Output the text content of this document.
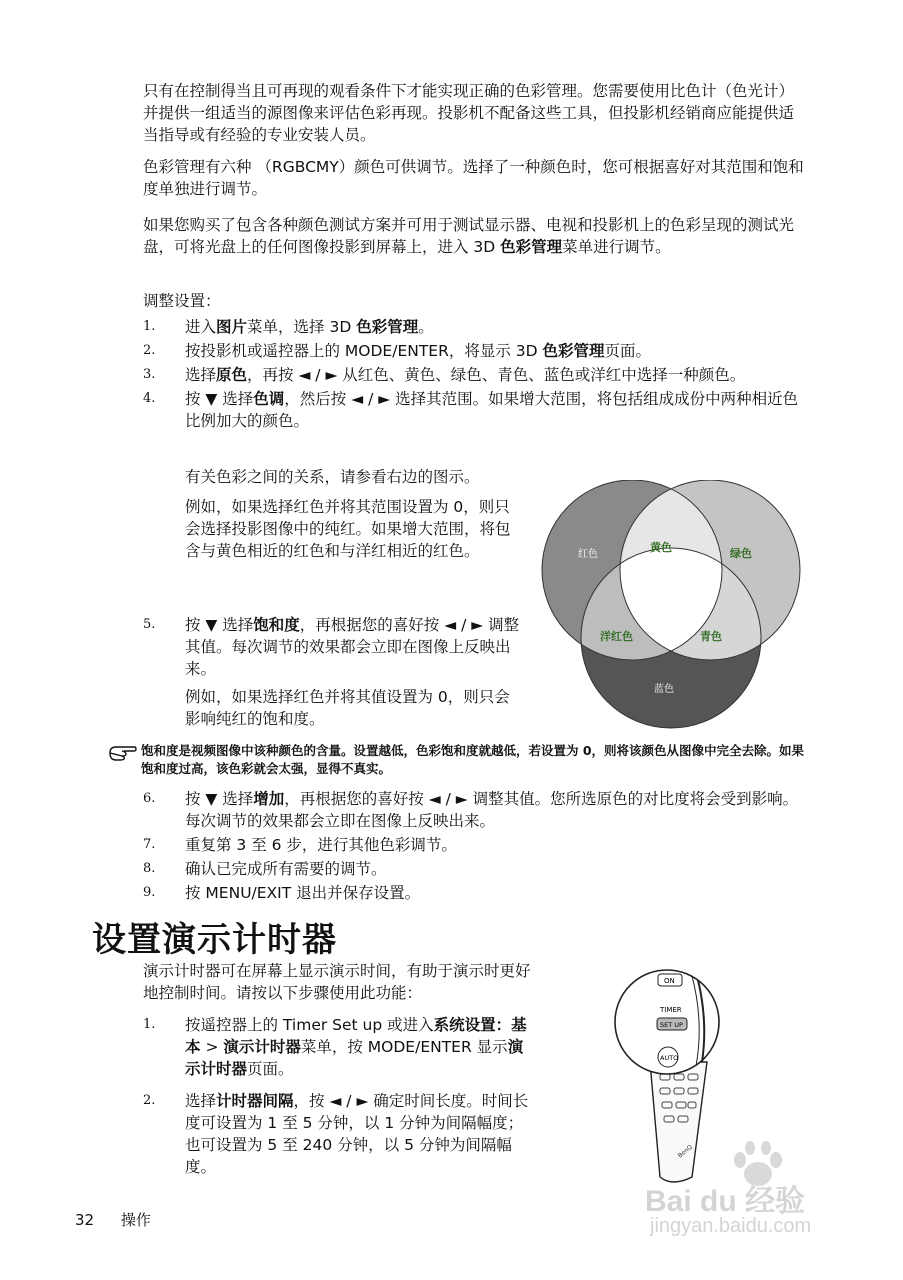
只有在控制得当且可再现的观看条件下才能实现正确的色彩管理。您需要使用比色计（色光计）并提供一组适当的源图像来评估色彩再现。投影机不配备这些工具，但投影机经销商应能提供适当指导或有经验的专业安装人员。

色彩管理有六种 （RGBCMY）颜色可供调节。选择了一种颜色时，您可根据喜好对其范围和饱和度单独进行调节。

如果您购买了包含各种颜色测试方案并可用于测试显示器、电视和投影机上的色彩呈现的测试光盘，可将光盘上的任何图像投影到屏幕上，进入 3D 色彩管理菜单进行调节。

调整设置：

1. 进入图片菜单，选择 3D 色彩管理。
2. 按投影机或遥控器上的 MODE/ENTER，将显示 3D 色彩管理页面。
3. 选择原色，再按 ◄ / ► 从红色、黄色、绿色、青色、蓝色或洋红中选择一种颜色。
4. 按 ▼ 选择色调，然后按 ◄ / ► 选择其范围。如果增大范围，将包括组成成份中两种相近色比例加大的颜色。

有关色彩之间的关系，请参看右边的图示。

例如，如果选择红色并将其范围设置为 0，则只会选择投影图像中的纯红。如果增大范围，将包含与黄色相近的红色和与洋红相近的红色。

5. 按 ▼ 选择饱和度，再根据您的喜好按 ◄ / ► 调整其值。每次调节的效果都会立即在图像上反映出来。

例如，如果选择红色并将其值设置为 0，则只会影响纯红的饱和度。

红色
黄色	绿色
洋红色	青色
蓝色
饱和度是视频图像中该种颜色的含量。设置越低，色彩饱和度就越低，若设置为 0，则将该颜色从图像中完全去除。如果饱和度过高，该色彩就会太强，显得不真实。
6. 按 ▼ 选择增加，再根据您的喜好按 ◄ / ► 调整其值。您所选原色的对比度将会受到影响。每次调节的效果都会立即在图像上反映出来。
7. 重复第 3 至 6 步，进行其他色彩调节。
8. 确认已完成所有需要的调节。
9. 按 MENU/EXIT 退出并保存设置。
设置演示计时器

演示计时器可在屏幕上显示演示时间，有助于演示时更好地控制时间。请按以下步骤使用此功能：

1. 按遥控器上的 Timer Set up 或进入系统设置：基本 > 演示计时器菜单，按 MODE/ENTER 显示演示计时器页面。
2. 选择计时器间隔，按 ◄ / ► 确定时间长度。时间长度可设置为 1 至 5 分钟，以 1 分钟为间隔幅度；也可设置为 5 至 240 分钟，以 5 分钟为间隔幅度。
BenQ
ON
TIMER
SET UP
AUTO
Bai du 经验
jingyan.baidu.com
32 操作
